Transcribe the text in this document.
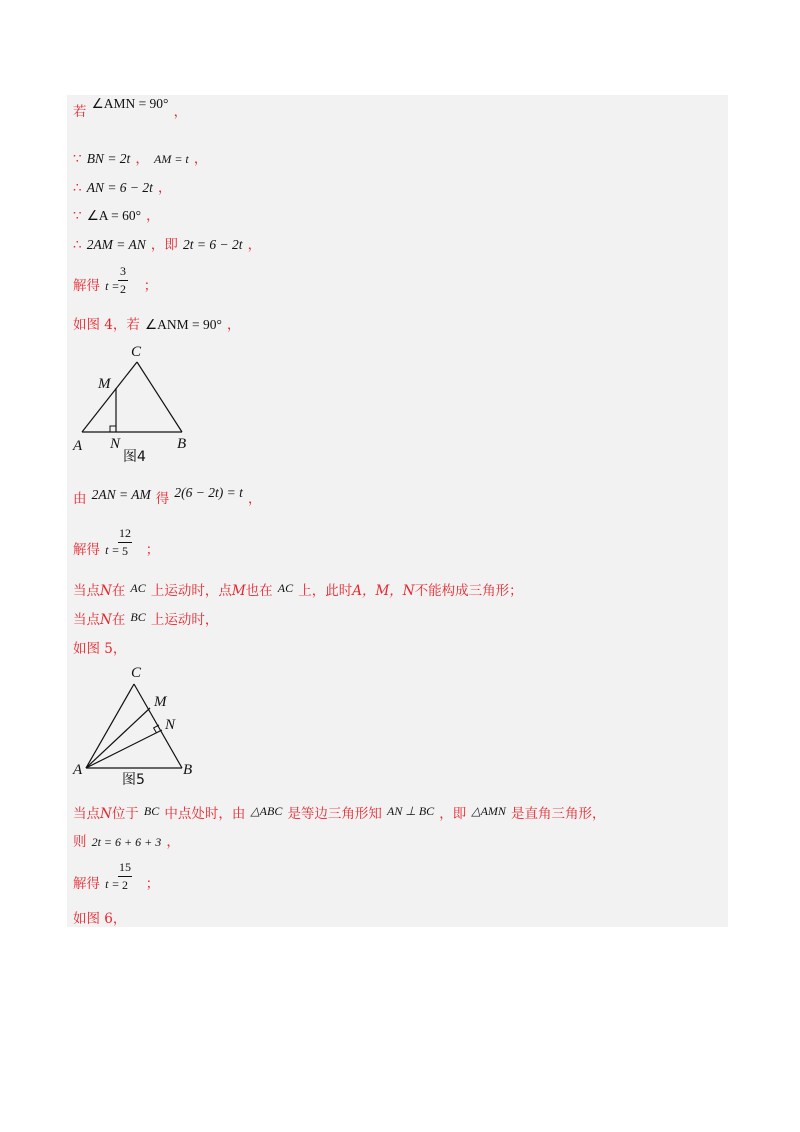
若 $^{\angle AMN = 90^\circ}$ ，
∵ BN = 2t ， AM = t ，
∴ AN = 6 − 2t ，
∵ ∠A = 60° ，
∴ 2AM = AN ，即 2t = 6 − 2t ，
解得 t = ；
3
2
如图 4，若 ∠ANM = 90° ，
C
M
A N	B
图4
由 $^{2AN = AM}$ 得 $^{2(6 - 2t) = t}$ ，
解得 t = ；
12
5
当点N在 AC 上运动时，点M也在 AC 上，此时A，M，N不能构成三角形；
当点N在 BC 上运动时，
如图 5，
C
M
N
A	B
图5
当点N位于 BC 中点处时，由 △ABC 是等边三角形知 AN ⊥ BC ，即 △AMN 是直角三角形，
则 2t = 6 + 6 + 3 ，
解得 t = ；
15
2
如图 6，
